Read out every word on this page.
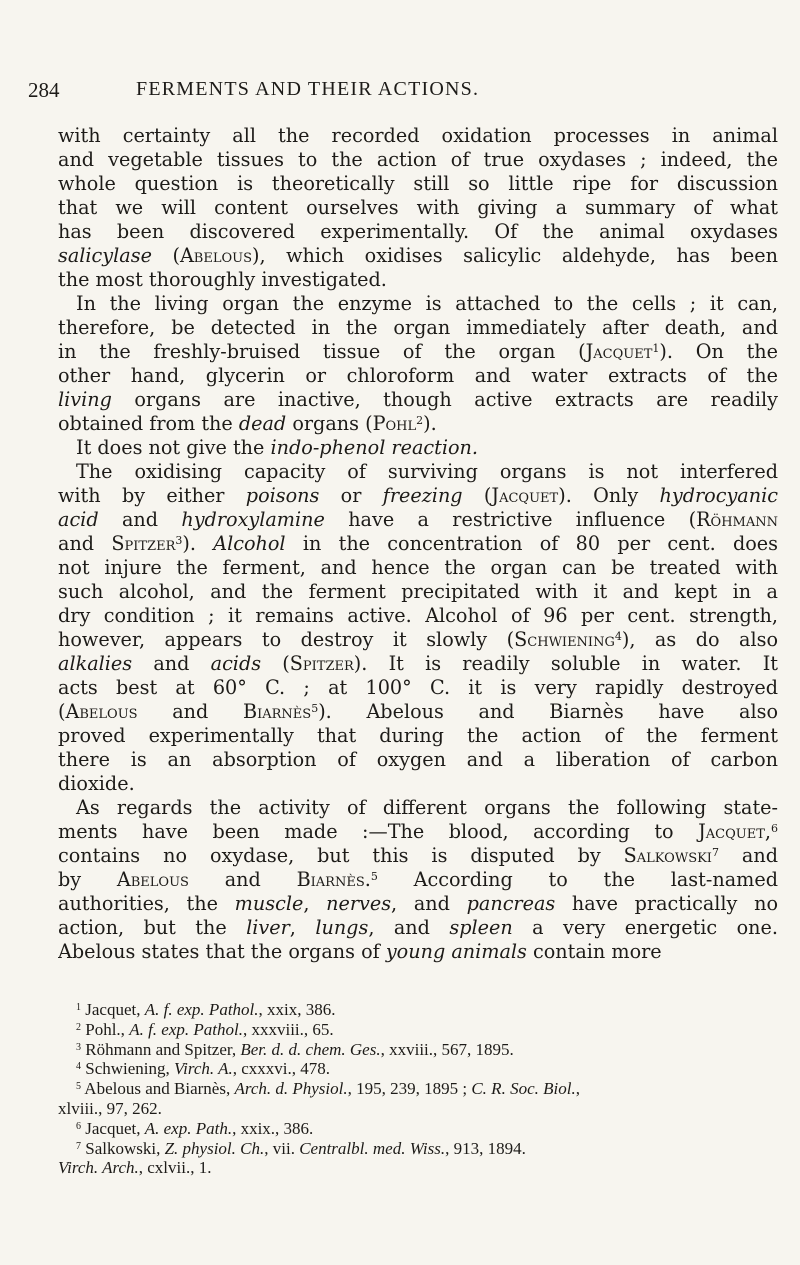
284	FERMENTS AND THEIR ACTIONS.
with certainty all the recorded oxidation processes in animal
and vegetable tissues to the action of true oxydases ; indeed, the
whole question is theoretically still so little ripe for discussion
that we will content ourselves with giving a summary of what
has been discovered experimentally. Of the animal oxydases
salicylase (Abelous), which oxidises salicylic aldehyde, has been
the most thoroughly investigated.
In the living organ the enzyme is attached to the cells ; it can,
therefore, be detected in the organ immediately after death, and
in the freshly-bruised tissue of the organ (Jacquet$^1$). On the
other hand, glycerin or chloroform and water extracts of the
living organs are inactive, though active extracts are readily
obtained from the dead organs (Pohl$^2$).
It does not give the indo-phenol reaction.
The oxidising capacity of surviving organs is not interfered
with by either poisons or freezing (Jacquet). Only hydrocyanic
acid and hydroxylamine have a restrictive influence (Röhmann
and Spitzer$^3$). Alcohol in the concentration of 80 per cent. does
not injure the ferment, and hence the organ can be treated with
such alcohol, and the ferment precipitated with it and kept in a
dry condition ; it remains active. Alcohol of 96 per cent. strength,
however, appears to destroy it slowly (Schwiening$^4$), as do also
alkalies and acids (Spitzer). It is readily soluble in water. It
acts best at 60° C. ; at 100° C. it is very rapidly destroyed
(Abelous and Biarnès$^5$). Abelous and Biarnès have also
proved experimentally that during the action of the ferment
there is an absorption of oxygen and a liberation of carbon
dioxide.
As regards the activity of different organs the following state-
ments have been made :—The blood, according to Jacquet,$^6$
contains no oxydase, but this is disputed by Salkowski$^7$ and
by Abelous and Biarnès.$^5$ According to the last-named
authorities, the muscle, nerves, and pancreas have practically no
action, but the liver, lungs, and spleen a very energetic one.
Abelous states that the organs of young animals contain more
$^1$ Jacquet, A. f. exp. Pathol., xxix, 386.
$^2$ Pohl., A. f. exp. Pathol., xxxviii., 65.
$^3$ Röhmann and Spitzer, Ber. d. d. chem. Ges., xxviii., 567, 1895.
$^4$ Schwiening, Virch. A., cxxxvi., 478.
$^5$ Abelous and Biarnès, Arch. d. Physiol., 195, 239, 1895 ; C. R. Soc. Biol.,
xlviii., 97, 262.
$^6$ Jacquet, A. exp. Path., xxix., 386.
$^7$ Salkowski, Z. physiol. Ch., vii. Centralbl. med. Wiss., 913, 1894.
Virch. Arch., cxlvii., 1.
